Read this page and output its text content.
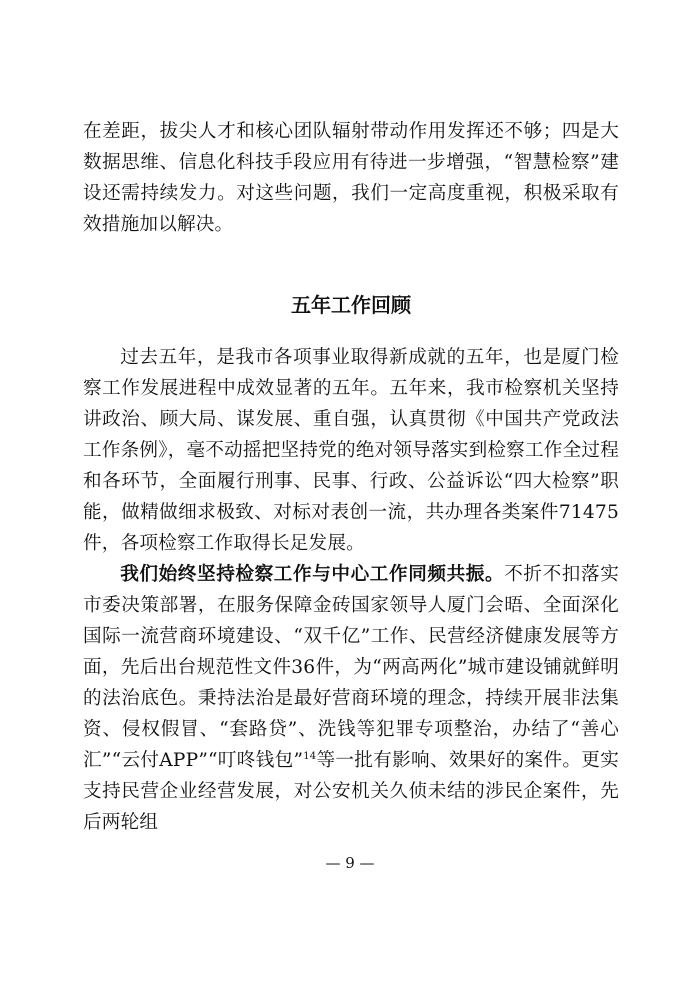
在差距，拔尖人才和核心团队辐射带动作用发挥还不够；四是大数据思维、信息化科技手段应用有待进一步增强，“智慧检察”建设还需持续发力。对这些问题，我们一定高度重视，积极采取有效措施加以解决。

五年工作回顾

过去五年，是我市各项事业取得新成就的五年，也是厦门检察工作发展进程中成效显著的五年。五年来，我市检察机关坚持讲政治、顾大局、谋发展、重自强，认真贯彻《中国共产党政法工作条例》，毫不动摇把坚持党的绝对领导落实到检察工作全过程和各环节，全面履行刑事、民事、行政、公益诉讼“四大检察”职能，做精做细求极致、对标对表创一流，共办理各类案件71475件，各项检察工作取得长足发展。

我们始终坚持检察工作与中心工作同频共振。不折不扣落实市委决策部署，在服务保障金砖国家领导人厦门会晤、全面深化国际一流营商环境建设、“双千亿”工作、民营经济健康发展等方面，先后出台规范性文件36件，为“两高两化”城市建设铺就鲜明的法治底色。秉持法治是最好营商环境的理念，持续开展非法集资、侵权假冒、“套路贷”、洗钱等犯罪专项整治，办结了“善心汇”“云付APP”“叮咚钱包”$^{14}$等一批有影响、效果好的案件。更实支持民营企业经营发展，对公安机关久侦未结的涉民企案件，先后两轮组

— 9 —
